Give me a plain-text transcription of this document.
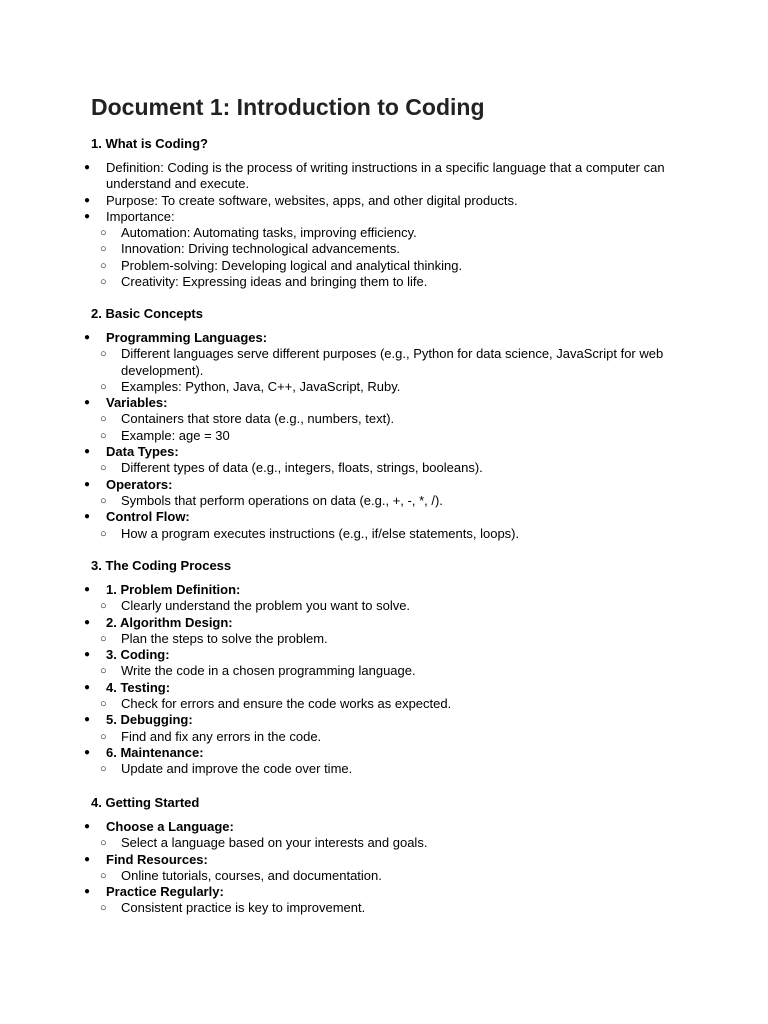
Document 1: Introduction to Coding
1. What is Coding?
●	Definition: Coding is the process of writing instructions in a specific language that a computer can understand and execute.
●	Purpose: To create software, websites, apps, and other digital products.
●	Importance:
○ Automation: Automating tasks, improving efficiency.
○ Innovation: Driving technological advancements.
○ Problem-solving: Developing logical and analytical thinking.
○ Creativity: Expressing ideas and bringing them to life.
2. Basic Concepts
●	Programming Languages:
○ Different languages serve different purposes (e.g., Python for data science, JavaScript for web development).
○ Examples: Python, Java, C++, JavaScript, Ruby.
●	Variables:
○ Containers that store data (e.g., numbers, text).
○ Example: age = 30
●	Data Types:
○ Different types of data (e.g., integers, floats, strings, booleans).
●	Operators:
○ Symbols that perform operations on data (e.g., +, -, *, /).
●	Control Flow:
○ How a program executes instructions (e.g., if/else statements, loops).
3. The Coding Process
●	1. Problem Definition:
○ Clearly understand the problem you want to solve.
●	2. Algorithm Design:
○ Plan the steps to solve the problem.
●	3. Coding:
○ Write the code in a chosen programming language.
●	4. Testing:
○ Check for errors and ensure the code works as expected.
●	5. Debugging:
○ Find and fix any errors in the code.
●	6. Maintenance:
○ Update and improve the code over time.
4. Getting Started
●	Choose a Language:
○ Select a language based on your interests and goals.
●	Find Resources:
○ Online tutorials, courses, and documentation.
●	Practice Regularly:
○ Consistent practice is key to improvement.
